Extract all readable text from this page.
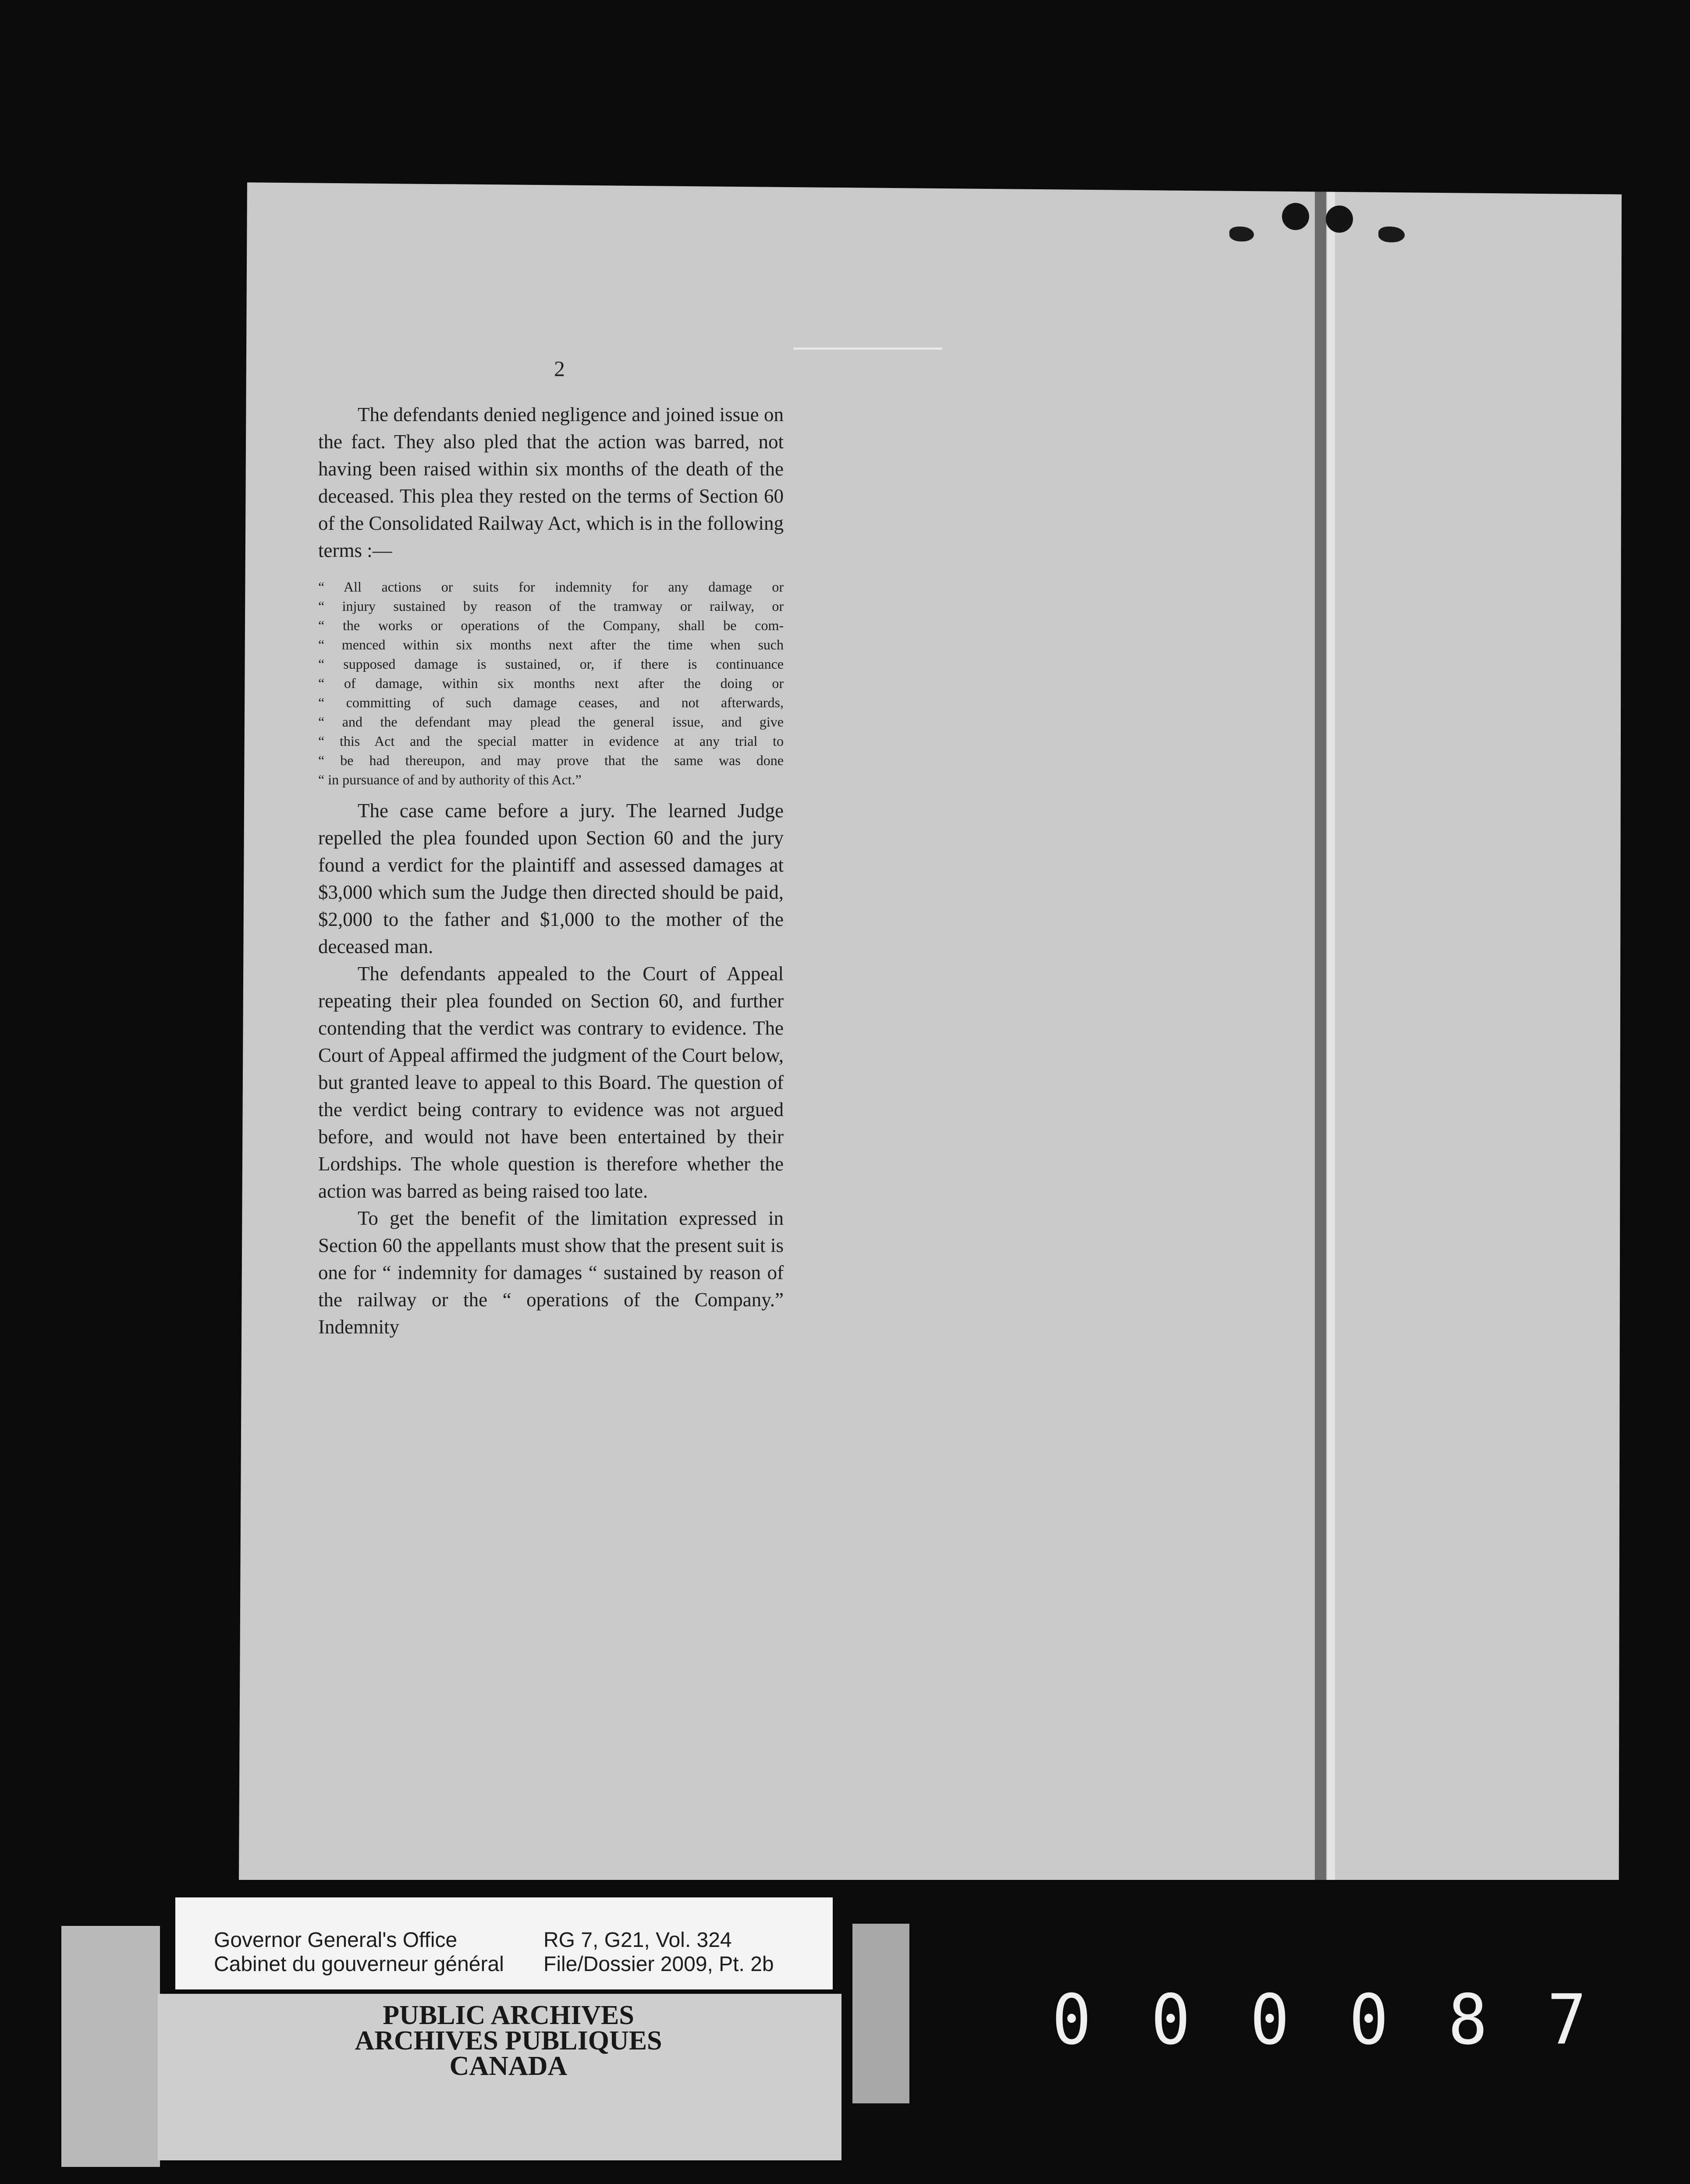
2

The defendants denied negligence and joined issue on the fact. They also pled that the action was barred, not having been raised within six months of the death of the deceased. This plea they rested on the terms of Section 60 of the Consolidated Railway Act, which is in the following terms :—

“ All actions or suits for indemnity for any damage or
“ injury sustained by reason of the tramway or railway, or
“ the works or operations of the Company, shall be com-
“ menced within six months next after the time when such
“ supposed damage is sustained, or, if there is continuance
“ of damage, within six months next after the doing or
“ committing of such damage ceases, and not afterwards,
“ and the defendant may plead the general issue, and give
“ this Act and the special matter in evidence at any trial to
“ be had thereupon, and may prove that the same was done
“ in pursuance of and by authority of this Act.”

The case came before a jury. The learned Judge repelled the plea founded upon Section 60 and the jury found a verdict for the plaintiff and assessed damages at $3,000 which sum the Judge then directed should be paid, $2,000 to the father and $1,000 to the mother of the deceased man.

The defendants appealed to the Court of Appeal repeating their plea founded on Section 60, and further contending that the verdict was contrary to evidence. The Court of Appeal affirmed the judgment of the Court below, but granted leave to appeal to this Board. The question of the verdict being contrary to evidence was not argued before, and would not have been entertained by their Lordships. The whole question is therefore whether the action was barred as being raised too late.

To get the benefit of the limitation expressed in Section 60 the appellants must show that the present suit is one for “ indemnity for damages “ sustained by reason of the railway or the “ operations of the Company.” Indemnity

Governor General's Office
Cabinet du gouverneur général
RG 7, G21, Vol. 324
File/Dossier 2009, Pt. 2b
PUBLIC ARCHIVES
ARCHIVES PUBLIQUES
CANADA
0 0 0 0 8 7
